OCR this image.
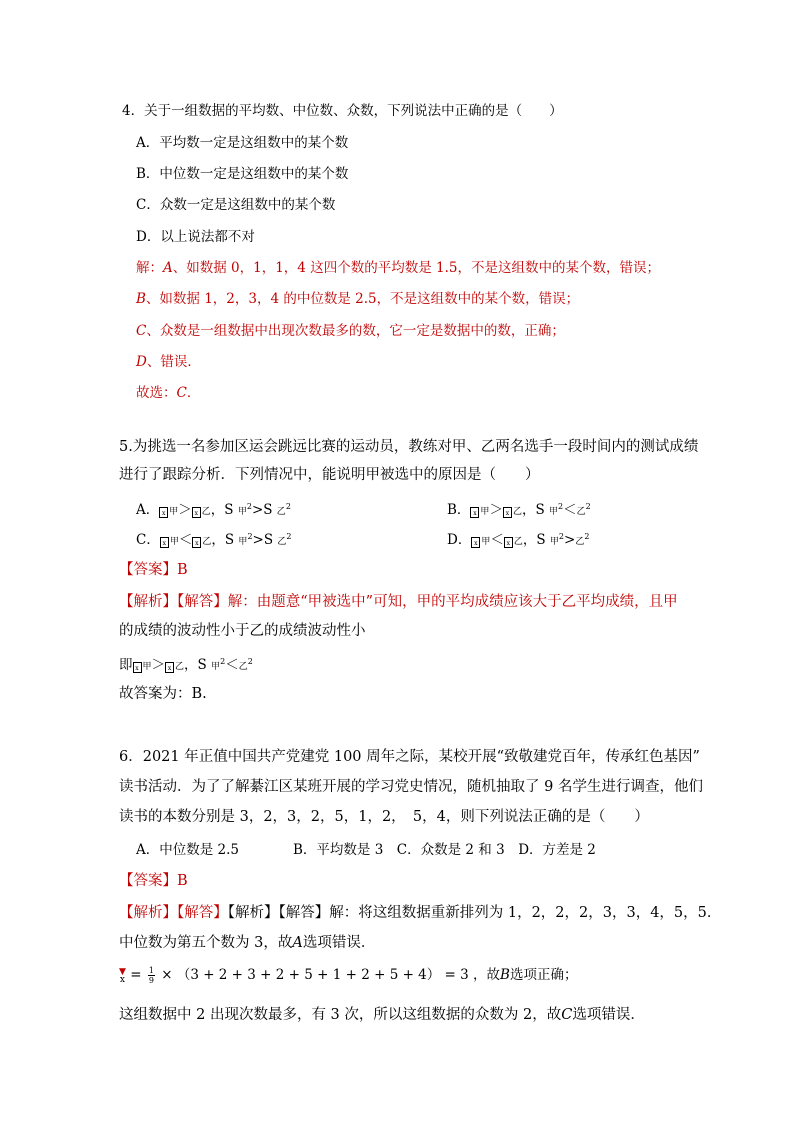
4．关于一组数据的平均数、中位数、众数，下列说法中正确的是（　　）
A．平均数一定是这组数中的某个数
B．中位数一定是这组数中的某个数
C．众数一定是这组数中的某个数
D．以上说法都不对
解：A、如数据 0，1，1，4 这四个数的平均数是 1.5，不是这组数中的某个数，错误；
B、如数据 1，2，3，4 的中位数是 2.5，不是这组数中的某个数，错误；
C、众数是一组数据中出现次数最多的数，它一定是数据中的数，正确；
D、错误．
故选：C．
5.为挑选一名参加区运会跳远比赛的运动员，教练对甲、乙两名选手一段时间内的测试成绩
进行了跟踪分析．下列情况中，能说明甲被选中的原因是（　　）
A． x 甲＞ x 乙，S 甲$^2$>S 乙$^2$	B． x 甲＞ x 乙，S 甲$^2$＜乙$^2$
C． x 甲＜ x 乙，S 甲$^2$>S 乙$^2$	D． x 甲＜ x 乙，S 甲$^2$>乙$^2$
【答案】B
【解析】【解答】解：由题意“甲被选中”可知，甲的平均成绩应该大于乙平均成绩，且甲
的成绩的波动性小于乙的成绩波动性小
即 x 甲＞ x 乙，S 甲$^2$＜乙$^2$
故答案为：B.
6．2021 年正值中国共产党建党 100 周年之际，某校开展“致敬建党百年，传承红色基因”
读书活动．为了了解綦江区某班开展的学习党史情况，随机抽取了 9 名学生进行调查，他们
读书的本数分别是 3，2，3，2，5，1，2，　5，4，则下列说法正确的是（　　）
A．中位数是 2.5　　　　B．平均数是 3　C．众数是 2 和 3　D．方差是 2
【答案】B
【解析】【解答】【解析】【解答】解：将这组数据重新排列为 1，2，2，2，3，3，4，5，5．
中位数为第五个数为 3，故A选项错误．
▼
$x = \frac{1}{9} \times (3 + 2 + 3 + 2 + 5 + 1 + 2 + 5 + 4) = 3$ ，故B选项正确；
这组数据中 2 出现次数最多，有 3 次，所以这组数据的众数为 2，故C选项错误．
